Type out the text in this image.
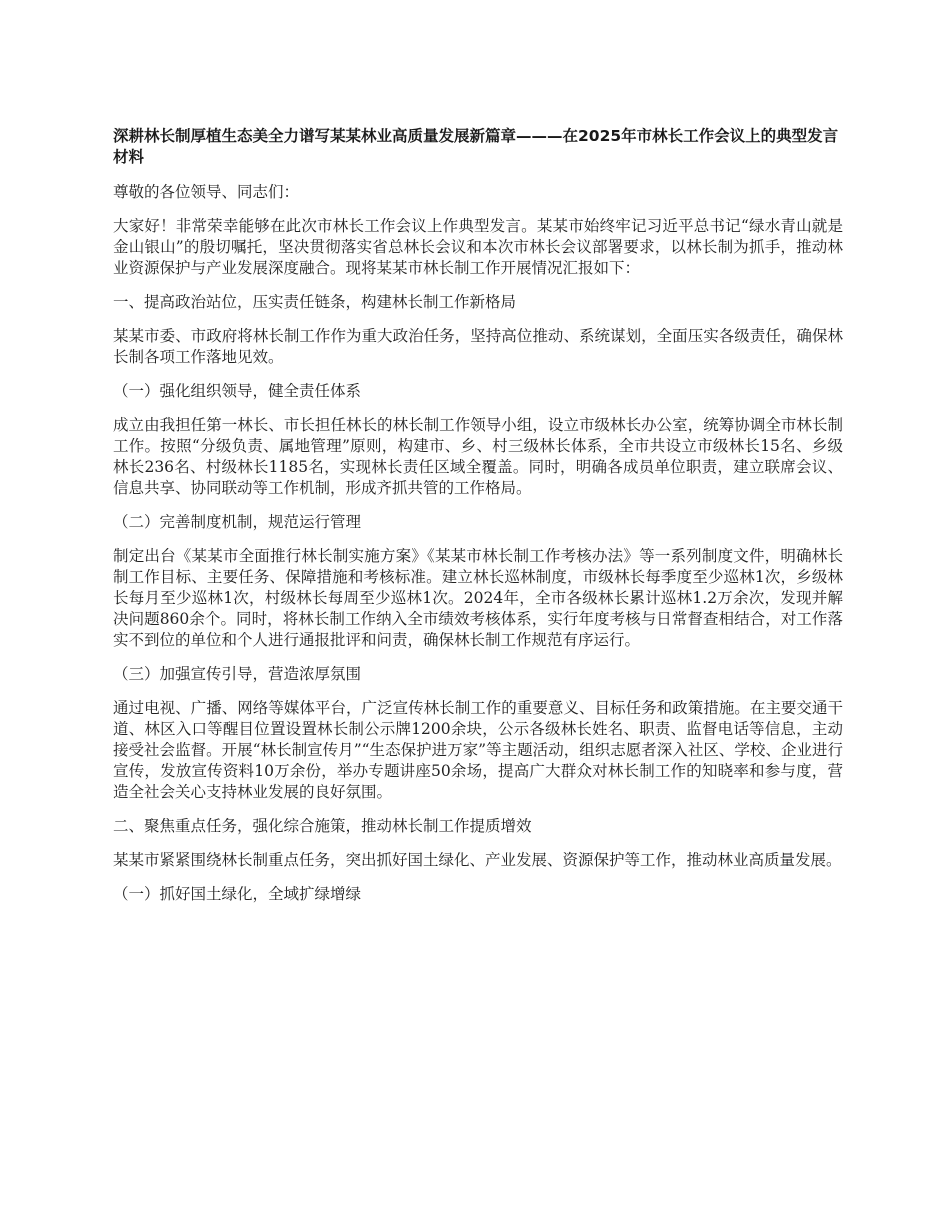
深耕林长制厚植生态美全力谱写某某林业高质量发展新篇章———在2025年市林长工作会议上的典型发言材料

尊敬的各位领导、同志们：

大家好！非常荣幸能够在此次市林长工作会议上作典型发言。某某市始终牢记习近平总书记“绿水青山就是金山银山”的殷切嘱托，坚决贯彻落实省总林长会议和本次市林长会议部署要求，以林长制为抓手，推动林业资源保护与产业发展深度融合。现将某某市林长制工作开展情况汇报如下：

一、提高政治站位，压实责任链条，构建林长制工作新格局

某某市委、市政府将林长制工作作为重大政治任务，坚持高位推动、系统谋划，全面压实各级责任，确保林长制各项工作落地见效。

（一）强化组织领导，健全责任体系

成立由我担任第一林长、市长担任林长的林长制工作领导小组，设立市级林长办公室，统筹协调全市林长制工作。按照“分级负责、属地管理”原则，构建市、乡、村三级林长体系，全市共设立市级林长15名、乡级林长236名、村级林长1185名，实现林长责任区域全覆盖。同时，明确各成员单位职责，建立联席会议、信息共享、协同联动等工作机制，形成齐抓共管的工作格局。

（二）完善制度机制，规范运行管理

制定出台《某某市全面推行林长制实施方案》《某某市林长制工作考核办法》等一系列制度文件，明确林长制工作目标、主要任务、保障措施和考核标准。建立林长巡林制度，市级林长每季度至少巡林1次，乡级林长每月至少巡林1次，村级林长每周至少巡林1次。2024年，全市各级林长累计巡林1.2万余次，发现并解决问题860余个。同时，将林长制工作纳入全市绩效考核体系，实行年度考核与日常督查相结合，对工作落实不到位的单位和个人进行通报批评和问责，确保林长制工作规范有序运行。

（三）加强宣传引导，营造浓厚氛围

通过电视、广播、网络等媒体平台，广泛宣传林长制工作的重要意义、目标任务和政策措施。在主要交通干道、林区入口等醒目位置设置林长制公示牌1200余块，公示各级林长姓名、职责、监督电话等信息，主动接受社会监督。开展“林长制宣传月”“生态保护进万家”等主题活动，组织志愿者深入社区、学校、企业进行宣传，发放宣传资料10万余份，举办专题讲座50余场，提高广大群众对林长制工作的知晓率和参与度，营造全社会关心支持林业发展的良好氛围。

二、聚焦重点任务，强化综合施策，推动林长制工作提质增效

某某市紧紧围绕林长制重点任务，突出抓好国土绿化、产业发展、资源保护等工作，推动林业高质量发展。

（一）抓好国土绿化，全域扩绿增绿
